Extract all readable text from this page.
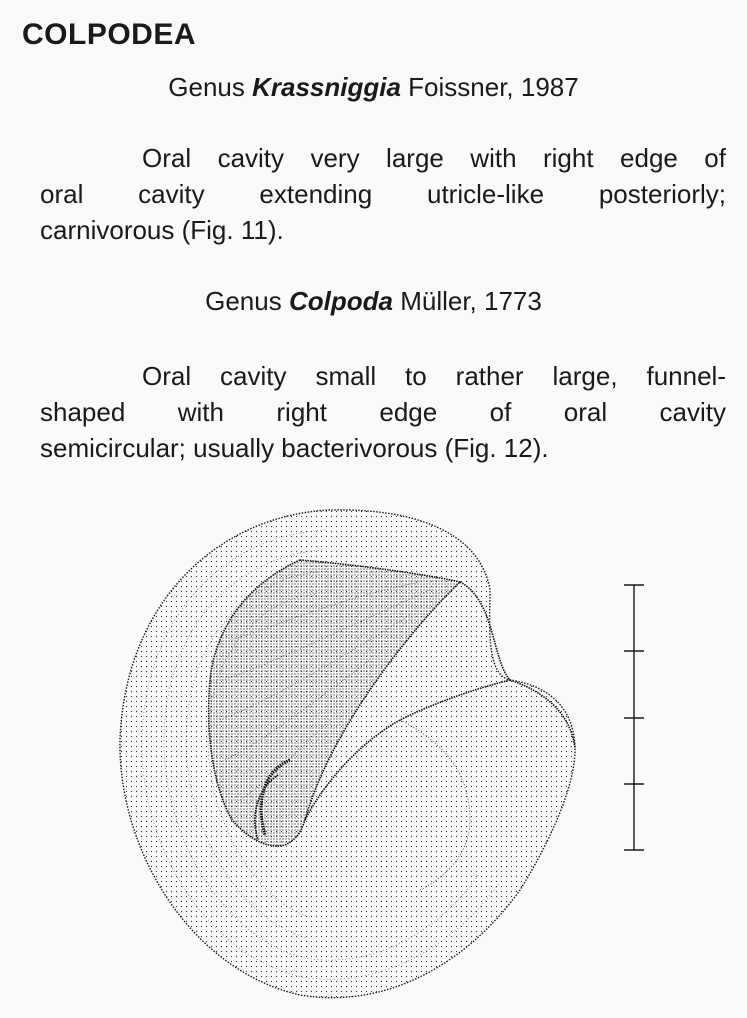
COLPODEA

Genus Krassniggia Foissner, 1987

Oral cavity very large with right edge of
oral cavity extending utricle-like posteriorly;
carnivorous (Fig. 11).

Genus Colpoda Müller, 1773

Oral cavity small to rather large, funnel-
shaped with right edge of oral cavity
semicircular; usually bacterivorous (Fig. 12).
